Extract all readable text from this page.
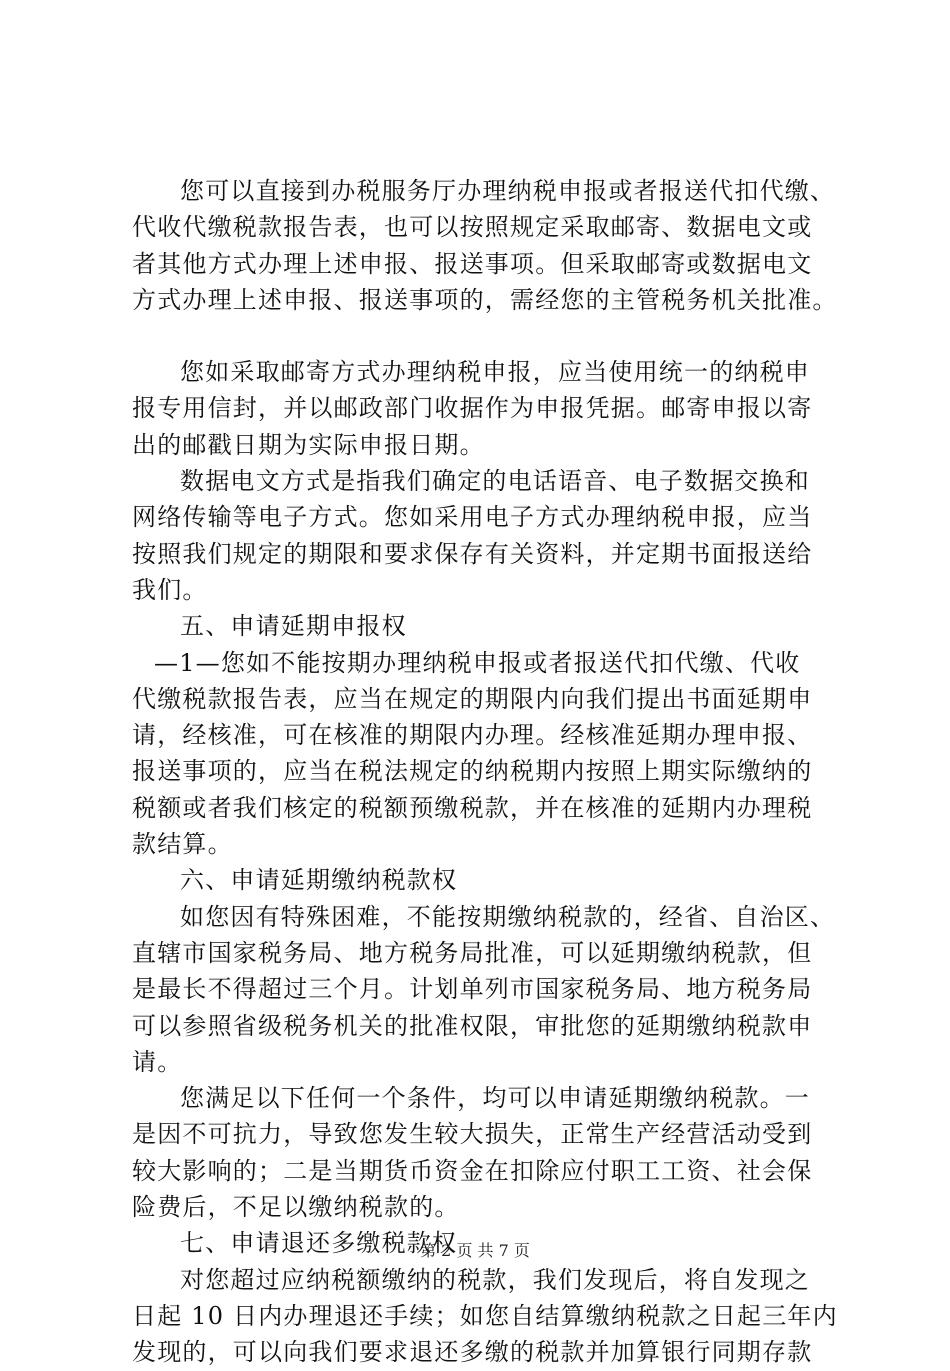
您可以直接到办税服务厅办理纳税申报或者报送代扣代缴、
代收代缴税款报告表，也可以按照规定采取邮寄、数据电文或
者其他方式办理上述申报、报送事项。但采取邮寄或数据电文
方式办理上述申报、报送事项的，需经您的主管税务机关批准。
您如采取邮寄方式办理纳税申报，应当使用统一的纳税申
报专用信封，并以邮政部门收据作为申报凭据。邮寄申报以寄
出的邮戳日期为实际申报日期。
数据电文方式是指我们确定的电话语音、电子数据交换和
网络传输等电子方式。您如采用电子方式办理纳税申报，应当
按照我们规定的期限和要求保存有关资料，并定期书面报送给
我们。
五、申请延期申报权
—1—您如不能按期办理纳税申报或者报送代扣代缴、代收
代缴税款报告表，应当在规定的期限内向我们提出书面延期申
请，经核准，可在核准的期限内办理。经核准延期办理申报、
报送事项的，应当在税法规定的纳税期内按照上期实际缴纳的
税额或者我们核定的税额预缴税款，并在核准的延期内办理税
款结算。
六、申请延期缴纳税款权
如您因有特殊困难，不能按期缴纳税款的，经省、自治区、
直辖市国家税务局、地方税务局批准，可以延期缴纳税款，但
是最长不得超过三个月。计划单列市国家税务局、地方税务局
可以参照省级税务机关的批准权限，审批您的延期缴纳税款申
请。
您满足以下任何一个条件，均可以申请延期缴纳税款。一
是因不可抗力，导致您发生较大损失，正常生产经营活动受到
较大影响的；二是当期货币资金在扣除应付职工工资、社会保
险费后，不足以缴纳税款的。
七、申请退还多缴税款权
对您超过应纳税额缴纳的税款，我们发现后，将自发现之
日起 10 日内办理退还手续；如您自结算缴纳税款之日起三年内
发现的，可以向我们要求退还多缴的税款并加算银行同期存款
第 2 页 共 7 页
